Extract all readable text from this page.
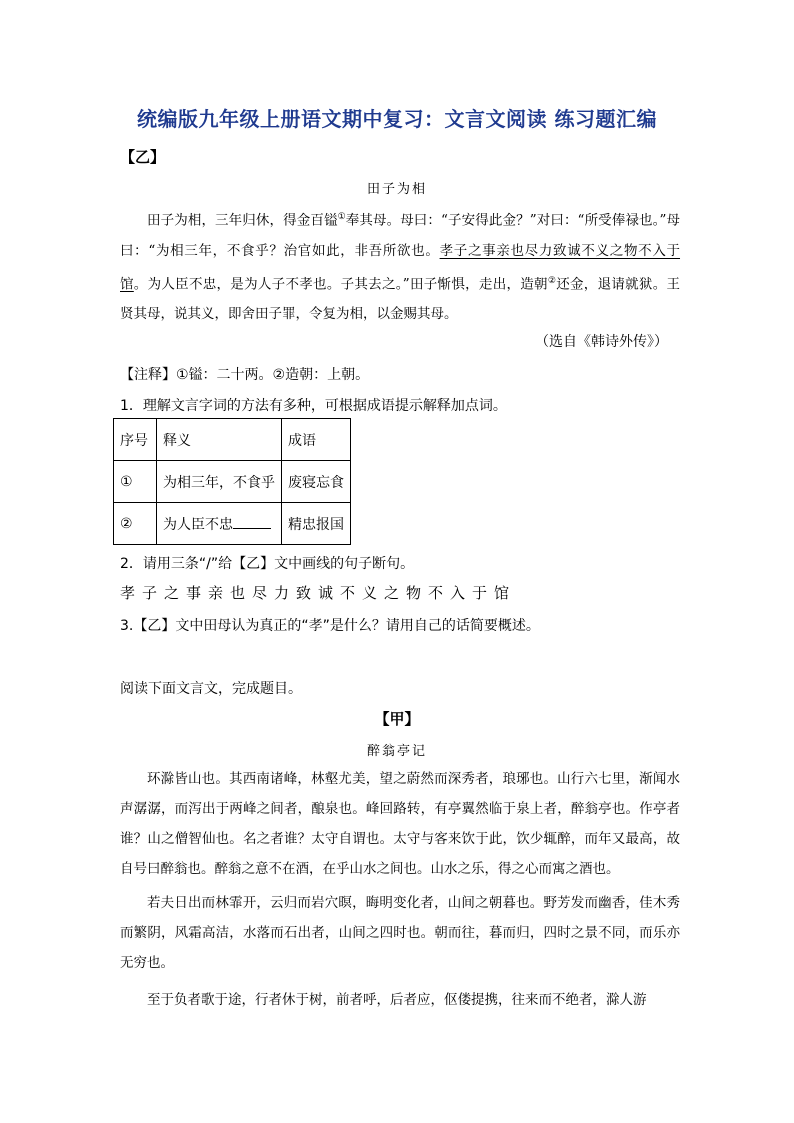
统编版九年级上册语文期中复习：文言文阅读 练习题汇编
【乙】
田子为相
田子为相，三年归休，得金百镒①奉其母。母曰：“子安得此金？”对曰：“所受俸禄也。”母曰：“为相三年，不食乎？治官如此，非吾所欲也。孝子之事亲也尽力致诚不义之物不入于馆。为人臣不忠，是为人子不孝也。子其去之。”田子惭惧，走出，造朝②还金，退请就狱。王贤其母，说其义，即舍田子罪，令复为相，以金赐其母。
（选自《韩诗外传》）
【注释】①镒：二十两。②造朝：上朝。
1．理解文言字词的方法有多种，可根据成语提示解释加点词。
序号	释义	成语
①	为相三年，不食乎	废寝忘食
②	为人臣不忠	精忠报国
2．请用三条“/”给【乙】文中画线的句子断句。
孝子之事亲也尽力致诚不义之物不入于馆
3.【乙】文中田母认为真正的“孝”是什么？请用自己的话简要概述。
阅读下面文言文，完成题目。
【甲】
醉翁亭记
环滁皆山也。其西南诸峰，林壑尤美，望之蔚然而深秀者，琅琊也。山行六七里，渐闻水声潺潺，而泻出于两峰之间者，酿泉也。峰回路转，有亭翼然临于泉上者，醉翁亭也。作亭者谁？山之僧智仙也。名之者谁？太守自谓也。太守与客来饮于此，饮少辄醉，而年又最高，故自号曰醉翁也。醉翁之意不在酒，在乎山水之间也。山水之乐，得之心而寓之酒也。
若夫日出而林霏开，云归而岩穴暝，晦明变化者，山间之朝暮也。野芳发而幽香，佳木秀而繁阴，风霜高洁，水落而石出者，山间之四时也。朝而往，暮而归，四时之景不同，而乐亦无穷也。
至于负者歌于途，行者休于树，前者呼，后者应，伛偻提携，往来而不绝者，滁人游
